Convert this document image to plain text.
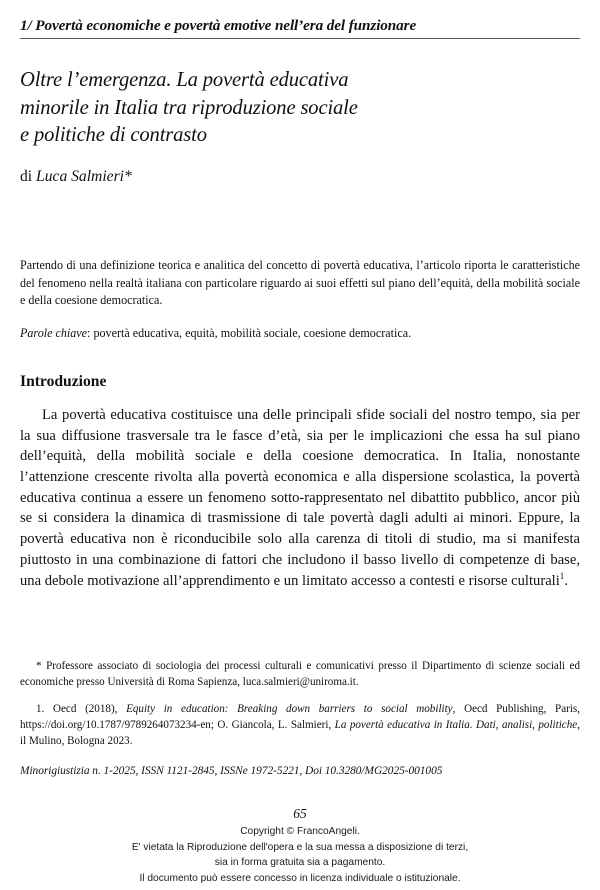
1/ Povertà economiche e povertà emotive nell’era del funzionare
Oltre l’emergenza. La povertà educativa
minorile in Italia tra riproduzione sociale
e politiche di contrasto
di Luca Salmieri*

Partendo di una definizione teorica e analitica del concetto di povertà educativa, l’articolo riporta le caratteristiche del fenomeno nella realtà italiana con particolare riguardo ai suoi effetti sul piano dell’equità, della mobilità sociale e della coesione democratica.

Parole chiave: povertà educativa, equità, mobilità sociale, coesione democratica.

Introduzione

La povertà educativa costituisce una delle principali sfide sociali del nostro tempo, sia per la sua diffusione trasversale tra le fasce d’età, sia per le implicazioni che essa ha sul piano dell’equità, della mobilità sociale e della coesione democratica. In Italia, nonostante l’attenzione crescente rivolta alla povertà economica e alla dispersione scolastica, la povertà educativa continua a essere un fenomeno sotto-rappresentato nel dibattito pubblico, ancor più se si considera la dinamica di trasmissione di tale povertà dagli adulti ai minori. Eppure, la povertà educativa non è riconducibile solo alla carenza di titoli di studio, ma si manifesta piuttosto in una combinazione di fattori che includono il basso livello di competenze di base, una debole motivazione all’apprendimento e un limitato accesso a contesti e risorse culturali$^1$.

* Professore associato di sociologia dei processi culturali e comunicativi presso il Dipartimento di scienze sociali ed economiche presso Università di Roma Sapienza, luca.salmieri@uniroma.it.

1. Oecd (2018), Equity in education: Breaking down barriers to social mobility, Oecd Publishing, Paris, https://doi.org/10.1787/9789264073234-en; O. Giancola, L. Salmieri, La povertà educativa in Italia. Dati, analisi, politiche, il Mulino, Bologna 2023.

Minorigiustizia n. 1-2025, ISSN 1121-2845, ISSNe 1972-5221, Doi 10.3280/MG2025-001005
65
Copyright © FrancoAngeli.
E' vietata la Riproduzione dell'opera e la sua messa a disposizione di terzi,
sia in forma gratuita sia a pagamento.
Il documento può essere concesso in licenza individuale o istituzionale.
